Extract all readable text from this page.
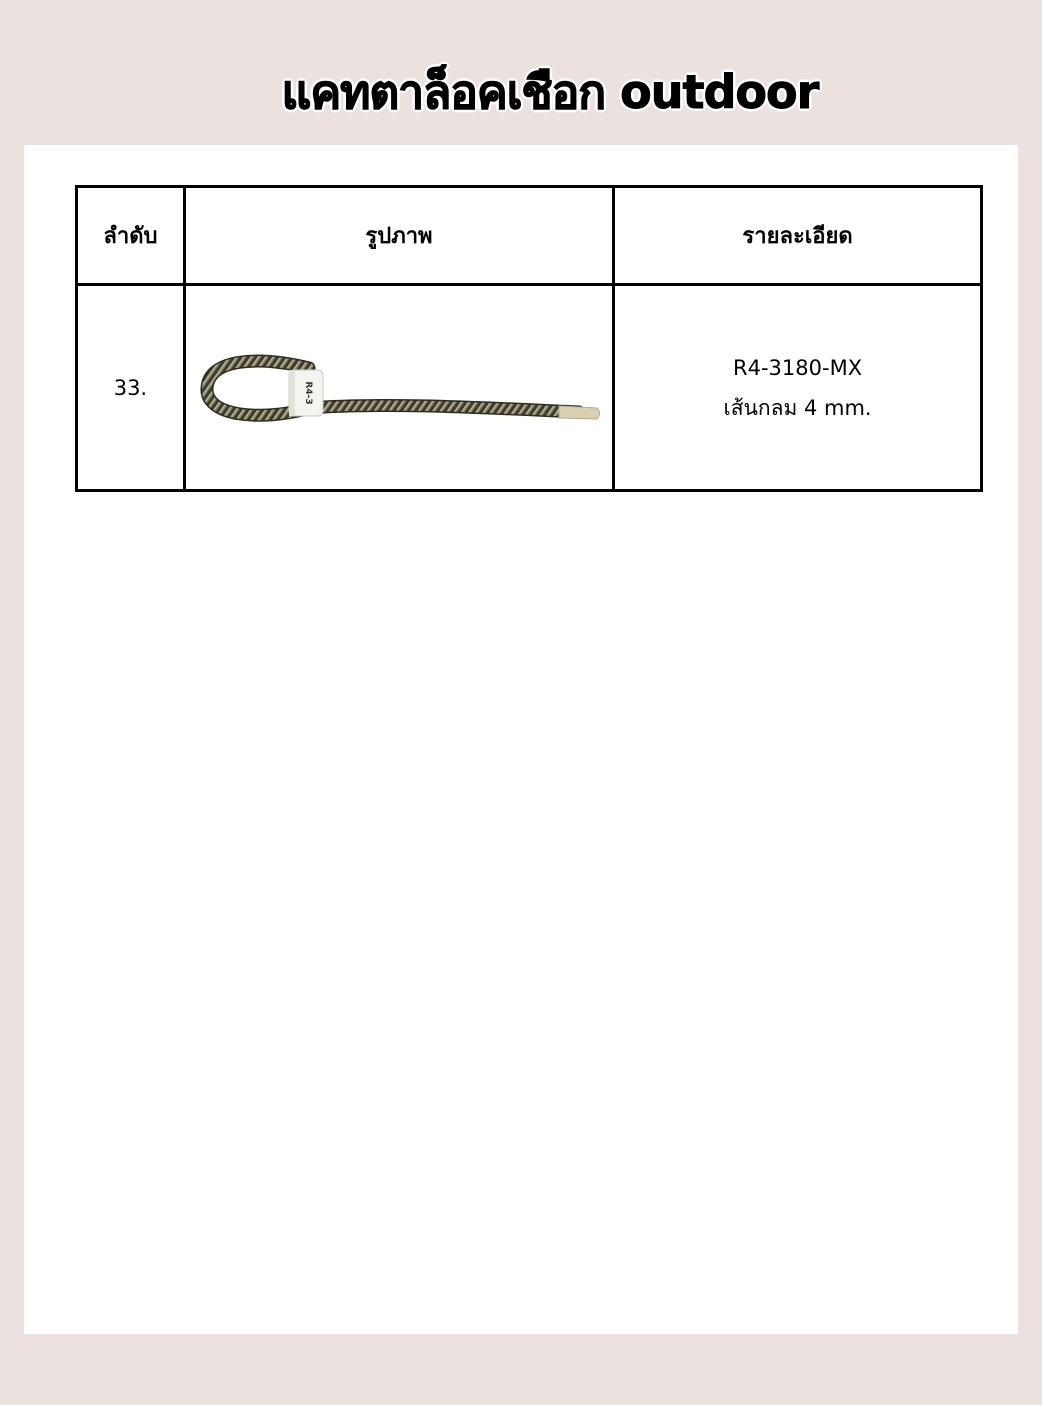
แคทตาล็อคเชือก outdoor
ลำดับ	รูปภาพ	รายละเอียด
33.	R4-3	R4-3180-MX
เส้นกลม 4 mm.
